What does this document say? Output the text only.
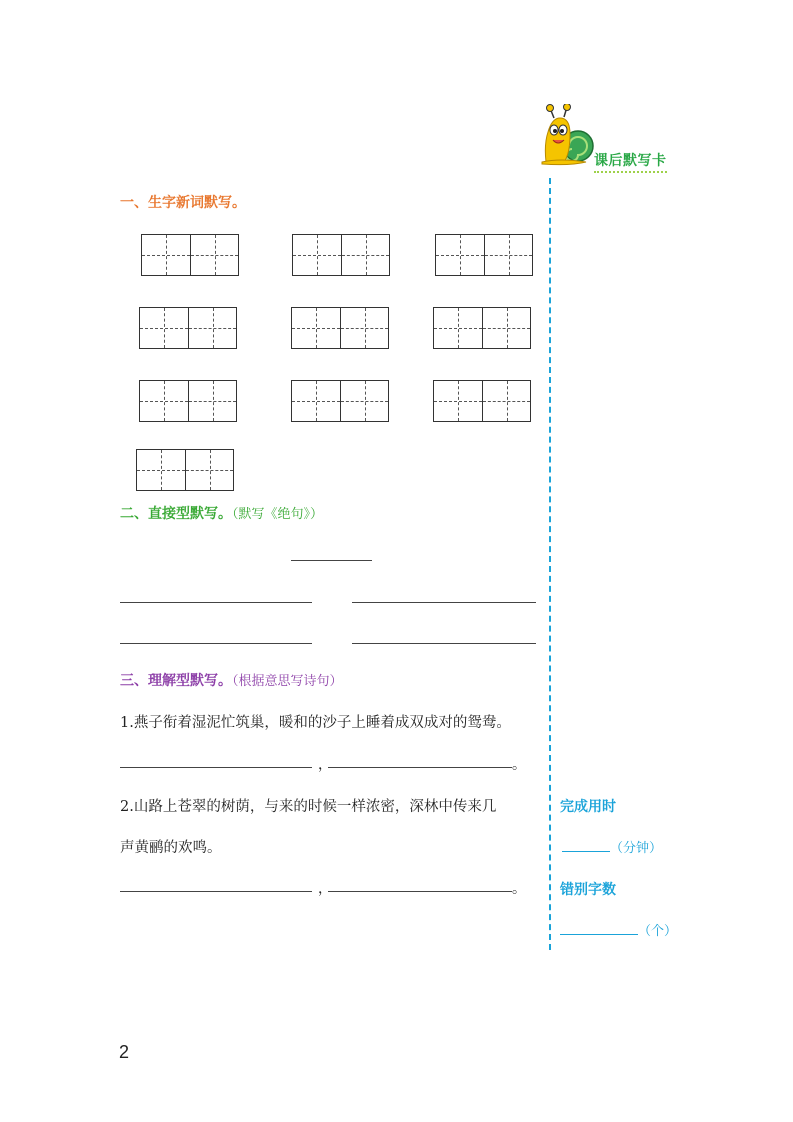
课后默写卡
一、生字新词默写。
二、直接型默写。（默写《绝句》）
三、理解型默写。（根据意思写诗句）
1.燕子衔着湿泥忙筑巢，暖和的沙子上睡着成双成对的鸳鸯。
，	。
2.山路上苍翠的树荫，与来的时候一样浓密，深林中传来几
声黄鹂的欢鸣。
，	。
完成用时
（分钟）
错别字数
（个）
2
